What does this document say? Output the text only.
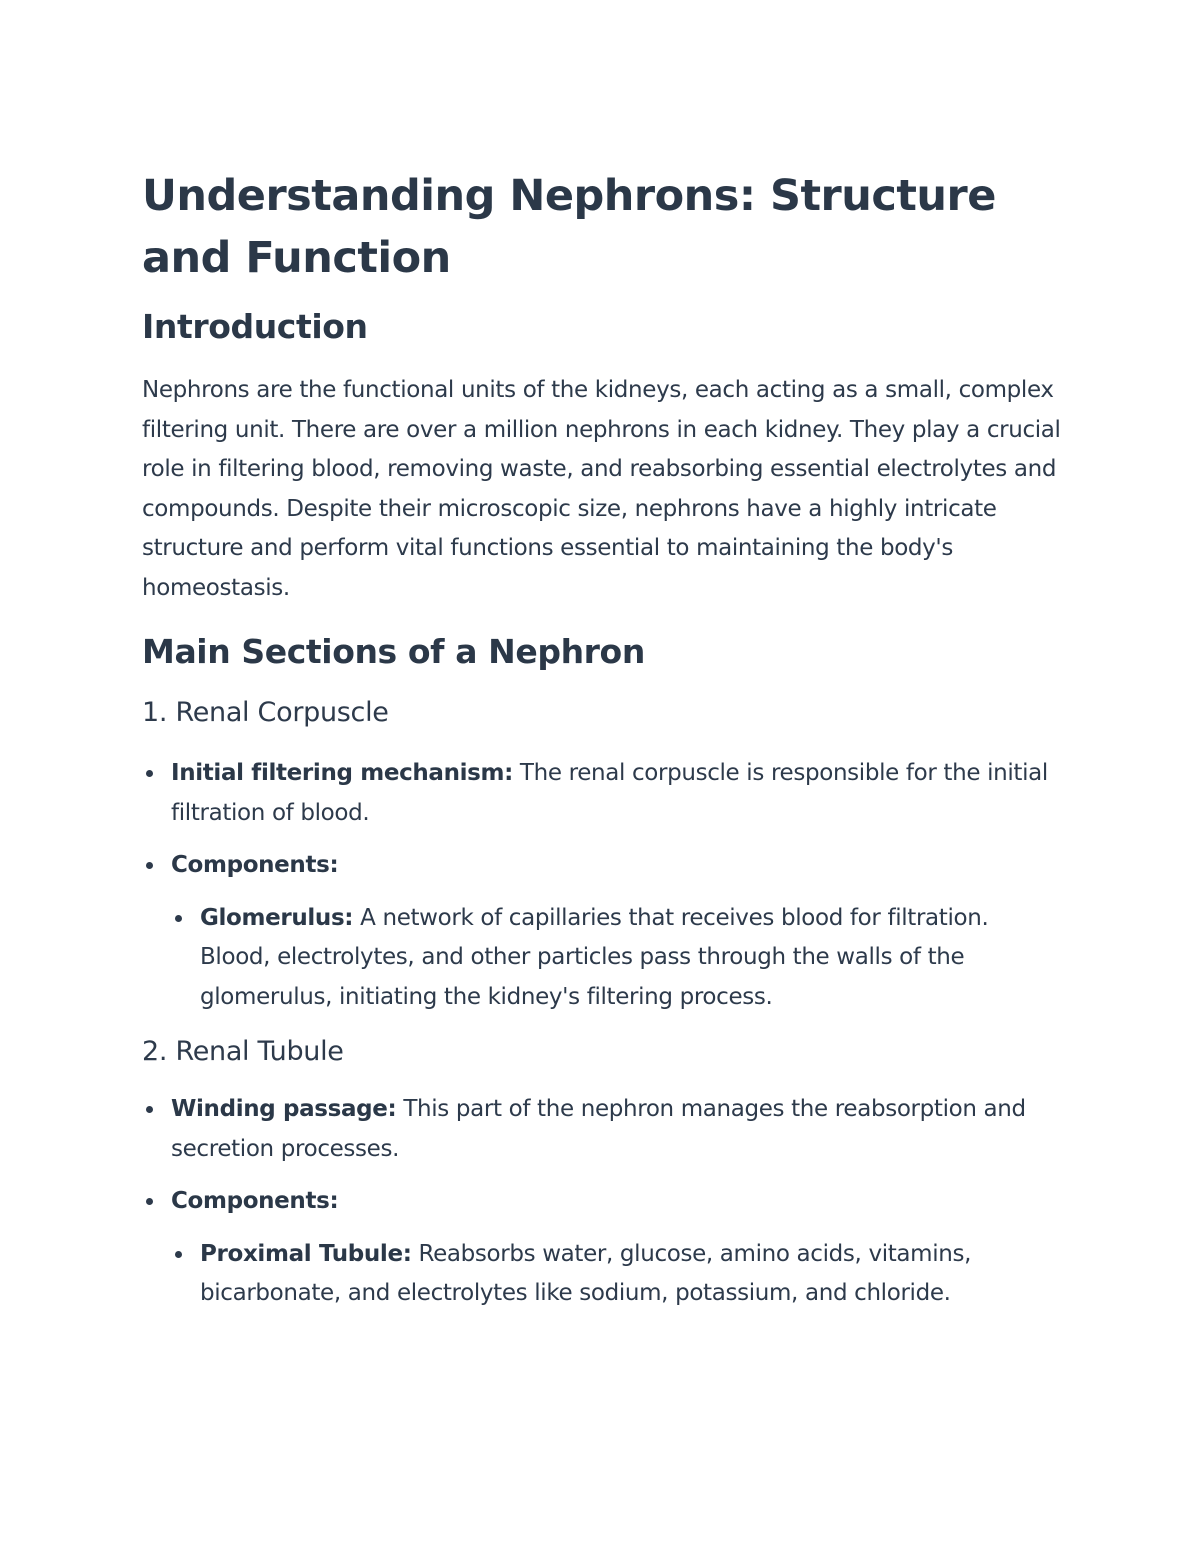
Understanding Nephrons: Structure and Function
Introduction

Nephrons are the functional units of the kidneys, each acting as a small, complex filtering unit. There are over a million nephrons in each kidney. They play a crucial role in filtering blood, removing waste, and reabsorbing essential electrolytes and compounds. Despite their microscopic size, nephrons have a highly intricate structure and perform vital functions essential to maintaining the body's homeostasis.

Main Sections of a Nephron
1. Renal Corpuscle
Initial filtering mechanism: The renal corpuscle is responsible for the initial filtration of blood.
Components:
Glomerulus: A network of capillaries that receives blood for filtration. Blood, electrolytes, and other particles pass through the walls of the glomerulus, initiating the kidney's filtering process.
2. Renal Tubule
Winding passage: This part of the nephron manages the reabsorption and secretion processes.
Components:
Proximal Tubule: Reabsorbs water, glucose, amino acids, vitamins, bicarbonate, and electrolytes like sodium, potassium, and chloride.
